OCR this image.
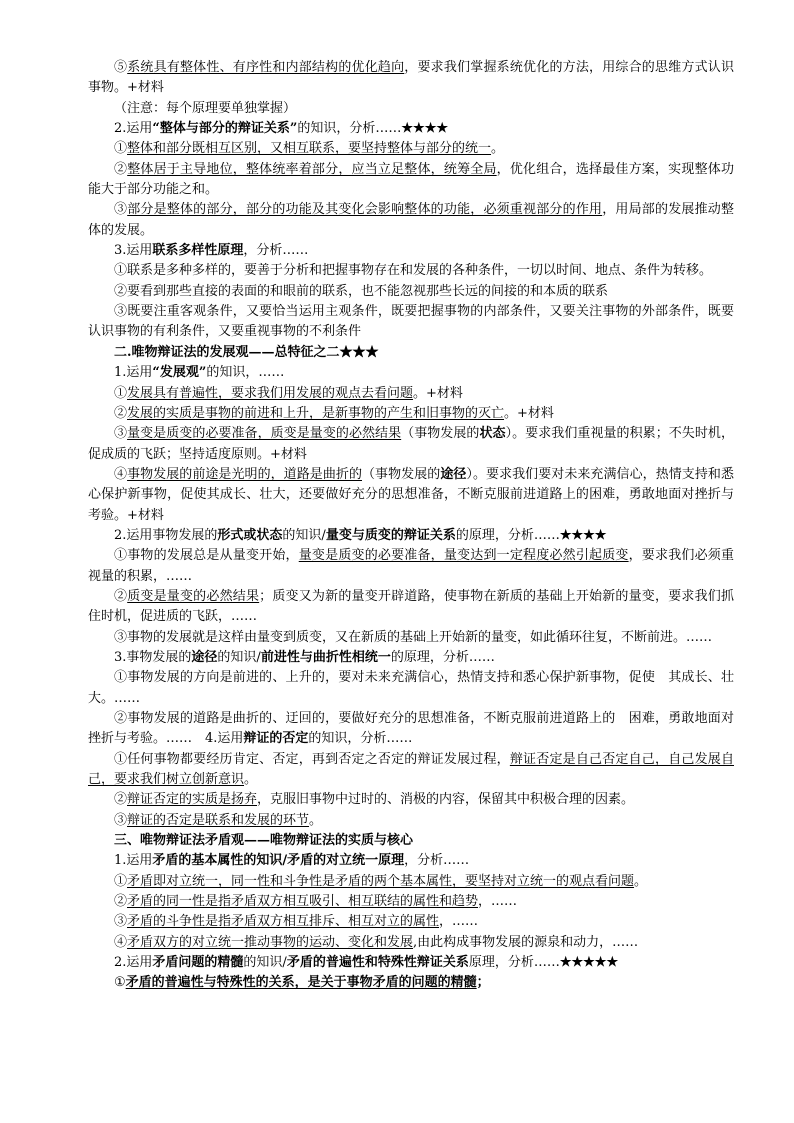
⑤系统具有整体性、有序性和内部结构的优化趋向，要求我们掌握系统优化的方法，用综合的思维方式认识事物。+材料

（注意：每个原理要单独掌握）

2.运用“整体与部分的辩证关系”的知识，分析……★★★★

①整体和部分既相互区别，又相互联系，要坚持整体与部分的统一。

②整体居于主导地位，整体统率着部分，应当立足整体，统筹全局，优化组合，选择最佳方案，实现整体功能大于部分功能之和。

③部分是整体的部分，部分的功能及其变化会影响整体的功能，必须重视部分的作用，用局部的发展推动整体的发展。

3.运用联系多样性原理，分析……

①联系是多种多样的，要善于分析和把握事物存在和发展的各种条件，一切以时间、地点、条件为转移。

②要看到那些直接的表面的和眼前的联系，也不能忽视那些长远的间接的和本质的联系

③既要注重客观条件，又要恰当运用主观条件，既要把握事物的内部条件，又要关注事物的外部条件，既要认识事物的有利条件，又要重视事物的不利条件

二.唯物辩证法的发展观——总特征之二★★★

1.运用“发展观”的知识，……

①发展具有普遍性，要求我们用发展的观点去看问题。+材料

②发展的实质是事物的前进和上升，是新事物的产生和旧事物的灭亡。+材料

③量变是质变的必要准备，质变是量变的必然结果（事物发展的状态）。要求我们重视量的积累；不失时机，促成质的飞跃；坚持适度原则。+材料

④事物发展的前途是光明的，道路是曲折的（事物发展的途径）。要求我们要对未来充满信心，热情支持和悉心保护新事物，促使其成长、壮大，还要做好充分的思想准备，不断克服前进道路上的困难，勇敢地面对挫折与考验。+材料

2.运用事物发展的形式或状态的知识/量变与质变的辩证关系的原理，分析……★★★★

①事物的发展总是从量变开始，量变是质变的必要准备，量变达到一定程度必然引起质变，要求我们必须重视量的积累，……

②质变是量变的必然结果；质变又为新的量变开辟道路，使事物在新质的基础上开始新的量变，要求我们抓住时机，促进质的飞跃，……

③事物的发展就是这样由量变到质变，又在新质的基础上开始新的量变，如此循环往复，不断前进。……

3.事物发展的途径的知识/前进性与曲折性相统一的原理，分析……

①事物发展的方向是前进的、上升的，要对未来充满信心，热情支持和悉心保护新事物，促使　其成长、壮大。……

②事物发展的道路是曲折的、迂回的，要做好充分的思想准备，不断克服前进道路上的　困难，勇敢地面对挫折与考验。……　4.运用辩证的否定的知识，分析……

①任何事物都要经历肯定、否定，再到否定之否定的辩证发展过程，辩证否定是自己否定自己，自己发展自己，要求我们树立创新意识。

②辩证否定的实质是扬弃，克服旧事物中过时的、消极的内容，保留其中积极合理的因素。

③辩证的否定是联系和发展的环节。

三、唯物辩证法矛盾观——唯物辩证法的实质与核心

1.运用矛盾的基本属性的知识/矛盾的对立统一原理，分析……

①矛盾即对立统一，同一性和斗争性是矛盾的两个基本属性，要坚持对立统一的观点看问题。

②矛盾的同一性是指矛盾双方相互吸引、相互联结的属性和趋势，……

③矛盾的斗争性是指矛盾双方相互排斥、相互对立的属性，……

④矛盾双方的对立统一推动事物的运动、变化和发展,由此构成事物发展的源泉和动力，……

2.运用矛盾问题的精髓的知识/矛盾的普遍性和特殊性辩证关系原理，分析……★★★★★

①矛盾的普遍性与特殊性的关系，是关于事物矛盾的问题的精髓；
